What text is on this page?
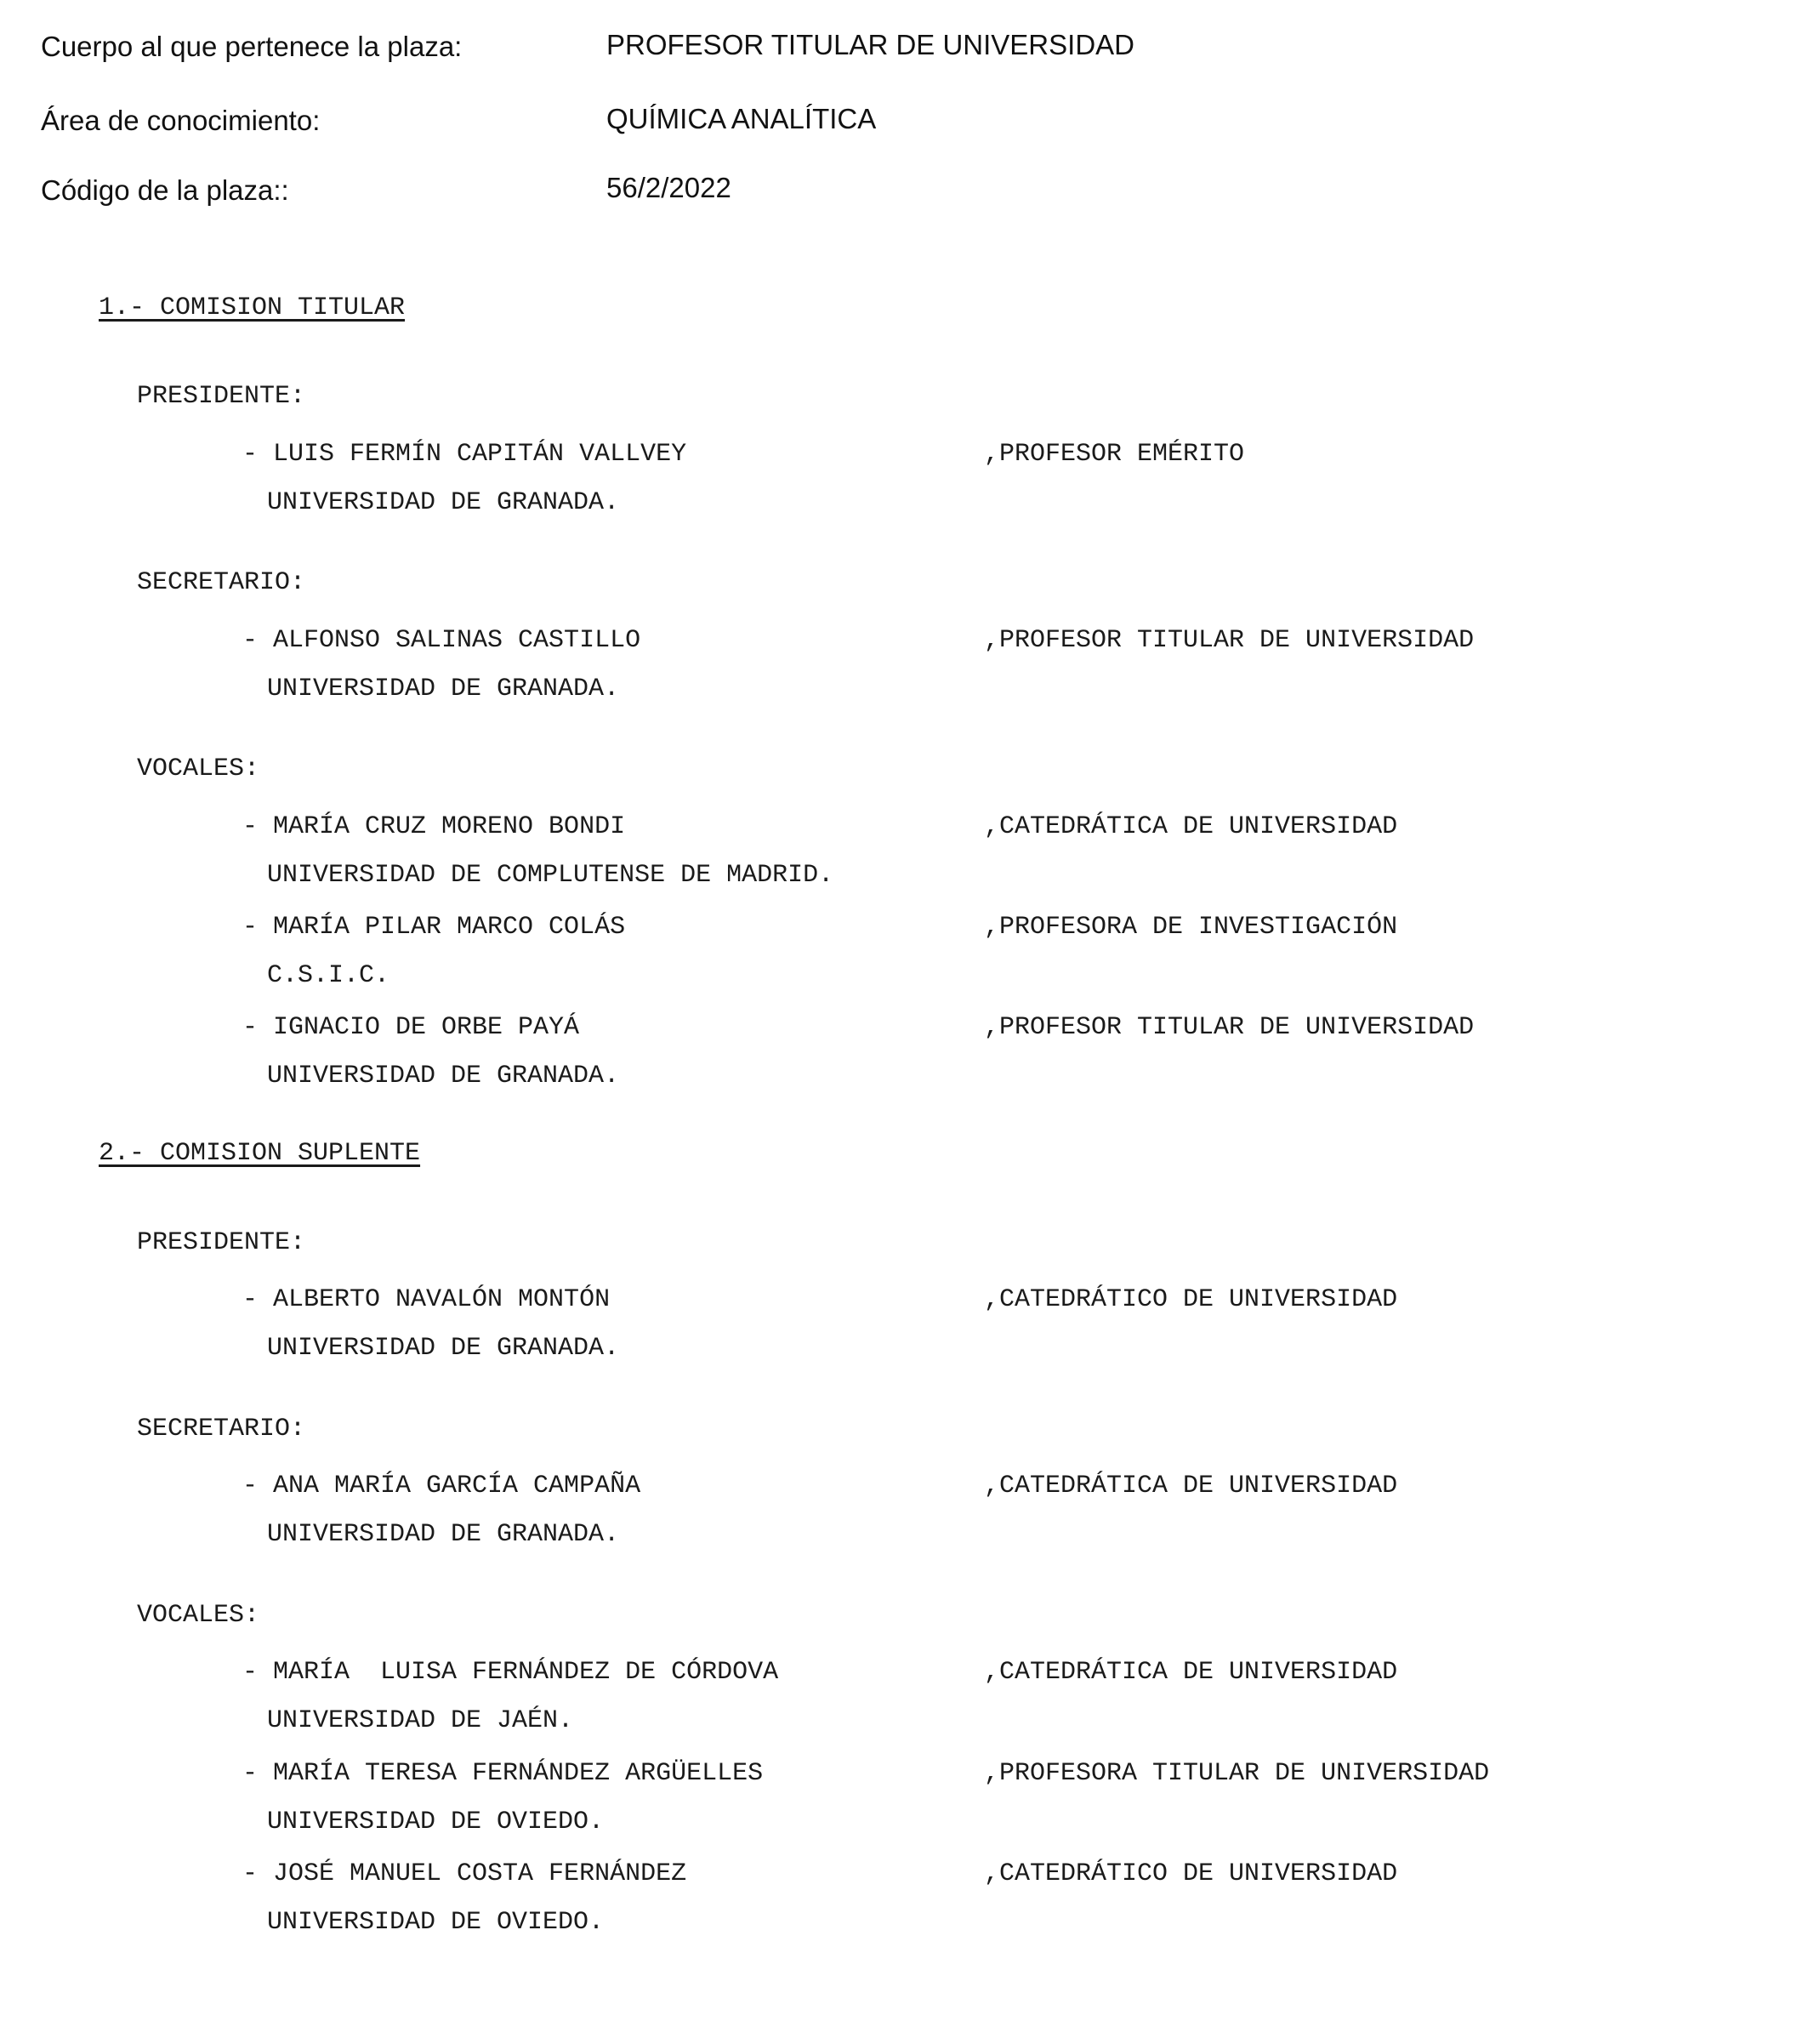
Cuerpo al que pertenece la plaza:	PROFESOR TITULAR DE UNIVERSIDAD
Área de conocimiento:	QUÍMICA ANALÍTICA
Código de la plaza::	56/2/2022
1.- COMISION TITULAR
PRESIDENTE:
- LUIS FERMÍN CAPITÁN VALLVEY	,PROFESOR EMÉRITO
UNIVERSIDAD DE GRANADA.
SECRETARIO:
- ALFONSO SALINAS CASTILLO	,PROFESOR TITULAR DE UNIVERSIDAD
UNIVERSIDAD DE GRANADA.
VOCALES:
- MARÍA CRUZ MORENO BONDI	,CATEDRÁTICA DE UNIVERSIDAD
UNIVERSIDAD DE COMPLUTENSE DE MADRID.
- MARÍA PILAR MARCO COLÁS	,PROFESORA DE INVESTIGACIÓN
C.S.I.C.
- IGNACIO DE ORBE PAYÁ	,PROFESOR TITULAR DE UNIVERSIDAD
UNIVERSIDAD DE GRANADA.
2.- COMISION SUPLENTE
PRESIDENTE:
- ALBERTO NAVALÓN MONTÓN	,CATEDRÁTICO DE UNIVERSIDAD
UNIVERSIDAD DE GRANADA.
SECRETARIO:
- ANA MARÍA GARCÍA CAMPAÑA	,CATEDRÁTICA DE UNIVERSIDAD
UNIVERSIDAD DE GRANADA.
VOCALES:
- MARÍA  LUISA FERNÁNDEZ DE CÓRDOVA	,CATEDRÁTICA DE UNIVERSIDAD
UNIVERSIDAD DE JAÉN.
- MARÍA TERESA FERNÁNDEZ ARGÜELLES	,PROFESORA TITULAR DE UNIVERSIDAD
UNIVERSIDAD DE OVIEDO.
- JOSÉ MANUEL COSTA FERNÁNDEZ	,CATEDRÁTICO DE UNIVERSIDAD
UNIVERSIDAD DE OVIEDO.
